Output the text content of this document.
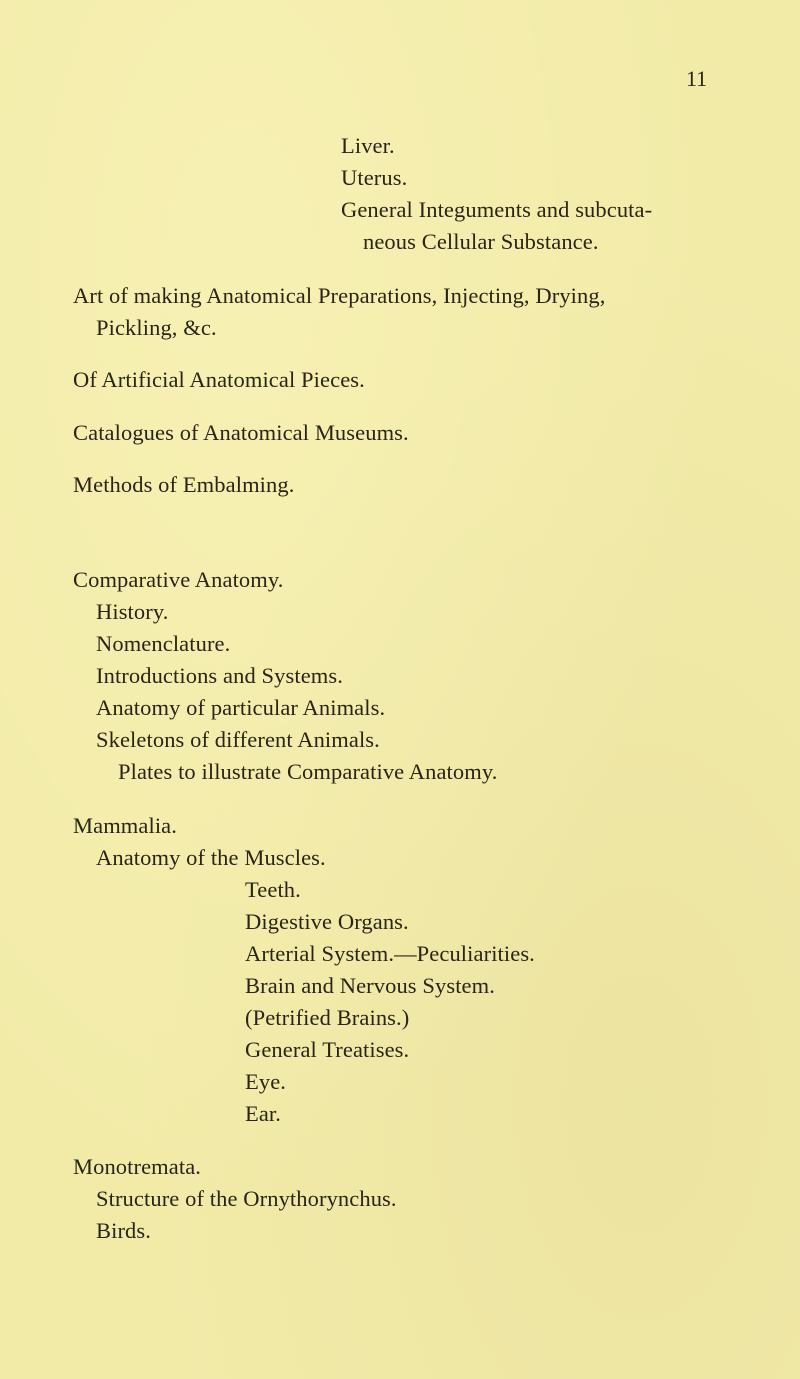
11
Liver.
Uterus.
General Integuments and subcuta-
neous Cellular Substance.
Art of making Anatomical Preparations, Injecting, Drying,
Pickling, &c.
Of Artificial Anatomical Pieces.
Catalogues of Anatomical Museums.
Methods of Embalming.
Comparative Anatomy.
History.
Nomenclature.
Introductions and Systems.
Anatomy of particular Animals.
Skeletons of different Animals.
Plates to illustrate Comparative Anatomy.
Mammalia.
Anatomy of the Muscles.
Teeth.
Digestive Organs.
Arterial System.—Peculiarities.
Brain and Nervous System.
(Petrified Brains.)
General Treatises.
Eye.
Ear.
Monotremata.
Structure of the Ornythorynchus.
Birds.
